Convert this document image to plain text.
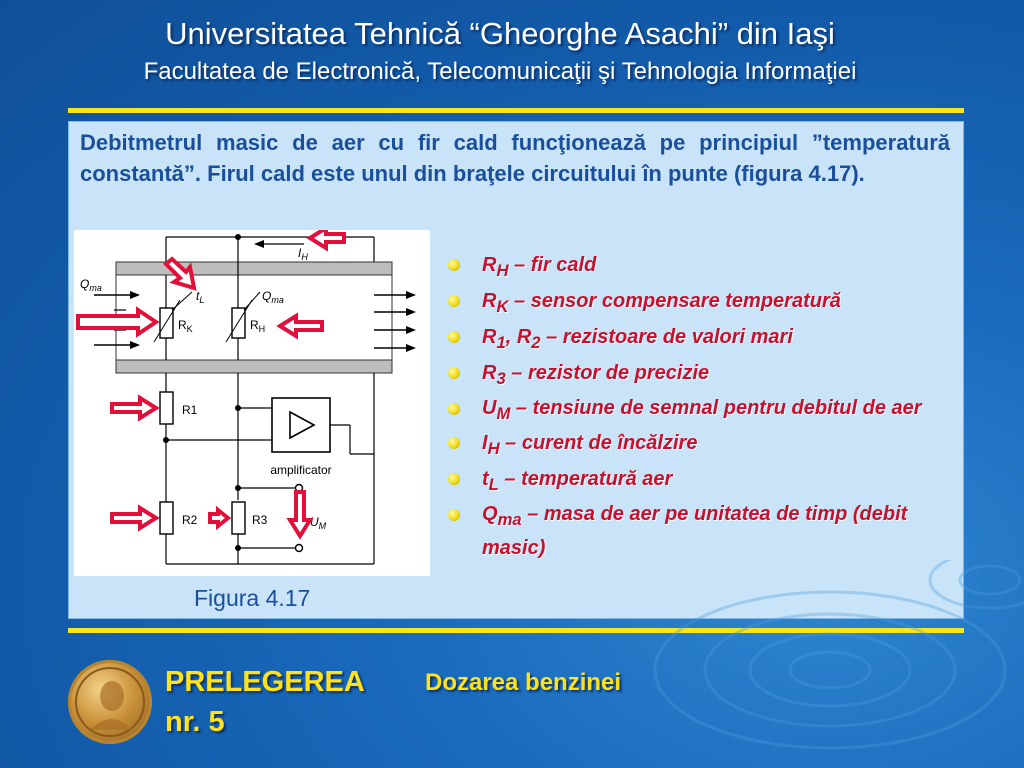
Universitatea Tehnică “Gheorghe Asachi” din Iaşi
Facultatea de Electronică, Telecomunicaţii şi Tehnologia Informaţiei
Debitmetrul masic de aer cu fir cald funcţionează pe principiul ”temperatură constantă”. Firul cald este unul din braţele circuitului în punte (figura 4.17).
$I_H$
$Q_{ma}$
$R_K$
$t_L$
$R_H$
$Q_{ma}$
R1
amplificator
R2	R3	$U_M$
$R_H$ – fir cald
$R_K$ – sensor compensare temperatură
$R_1$, $R_2$ – rezistoare de valori mari
$R_3$ – rezistor de precizie
$U_M$ – tensiune de semnal pentru debitul de aer
$I_H$ – curent de încălzire
$t_L$ – temperatură aer
$Q_{ma}$ – masa de aer pe unitatea de timp (debit masic)
Figura 4.17
PRELEGEREA	Dozarea benzinei
nr. 5
